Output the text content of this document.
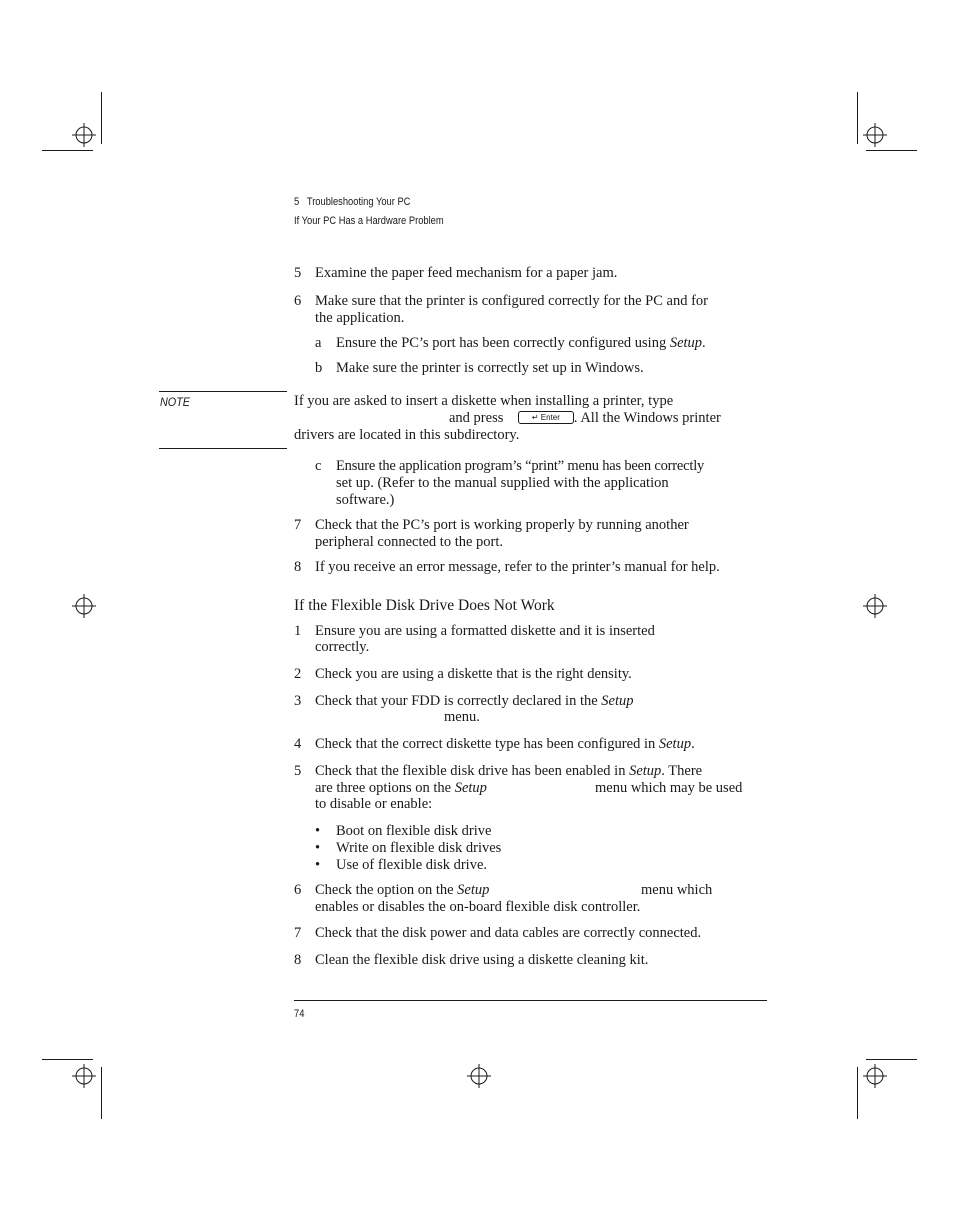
5   Troubleshooting Your PC
If Your PC Has a Hardware Problem
5 Examine the paper feed mechanism for a paper jam.
6 Make sure that the printer is configured correctly for the PC and for
the application.
a Ensure the PC’s port has been correctly configured using Setup.
b Make sure the printer is correctly set up in Windows.
NOTE	If you are asked to insert a diskette when installing a printer, type
and press	↵ Enter . All the Windows printer
drivers are located in this subdirectory.
c Ensure the application program’s “print” menu has been correctly
set up. (Refer to the manual supplied with the application
software.)
7 Check that the PC’s port is working properly by running another
peripheral connected to the port.
8 If you receive an error message, refer to the printer’s manual for help.
If the Flexible Disk Drive Does Not Work
1 Ensure you are using a formatted diskette and it is inserted
correctly.
2 Check you are using a diskette that is the right density.
3 Check that your FDD is correctly declared in the Setup
menu.
4 Check that the correct diskette type has been configured in Setup.
5 Check that the flexible disk drive has been enabled in Setup. There
are three options on the Setup	menu which may be used
to disable or enable:
• Boot on flexible disk drive
• Write on flexible disk drives
• Use of flexible disk drive.
6 Check the option on the Setup	menu which
enables or disables the on-board flexible disk controller.
7 Check that the disk power and data cables are correctly connected.
8 Clean the flexible disk drive using a diskette cleaning kit.
74
